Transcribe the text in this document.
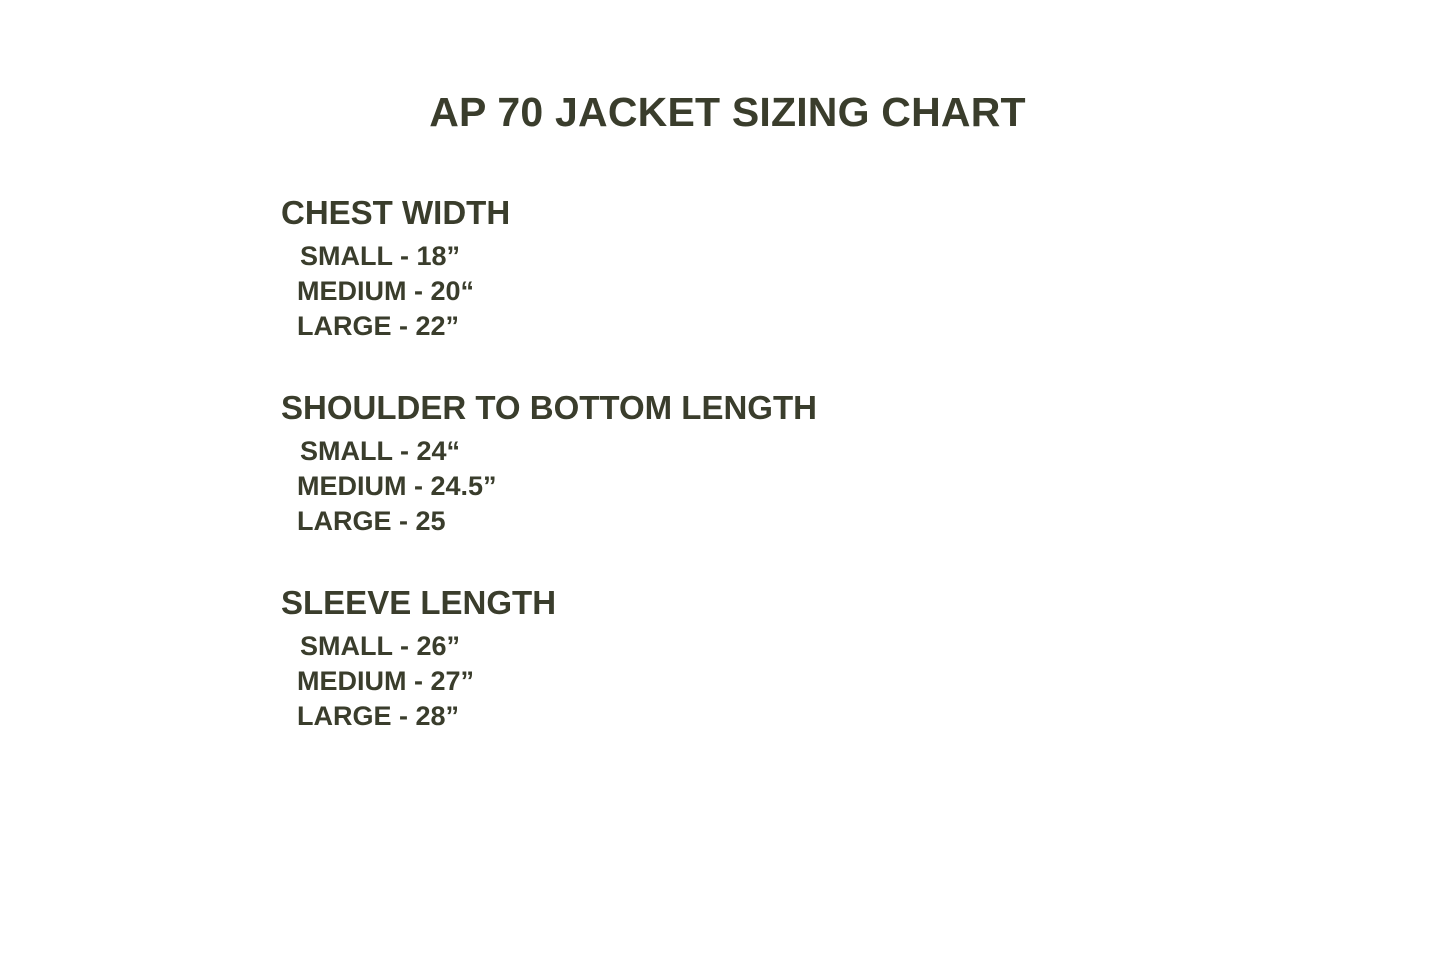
AP 70 JACKET SIZING CHART
CHEST WIDTH
SMALL - 18”
MEDIUM - 20“
LARGE - 22”
SHOULDER TO BOTTOM LENGTH
SMALL - 24“
MEDIUM - 24.5”
LARGE - 25
SLEEVE LENGTH
SMALL - 26”
MEDIUM - 27”
LARGE - 28”
